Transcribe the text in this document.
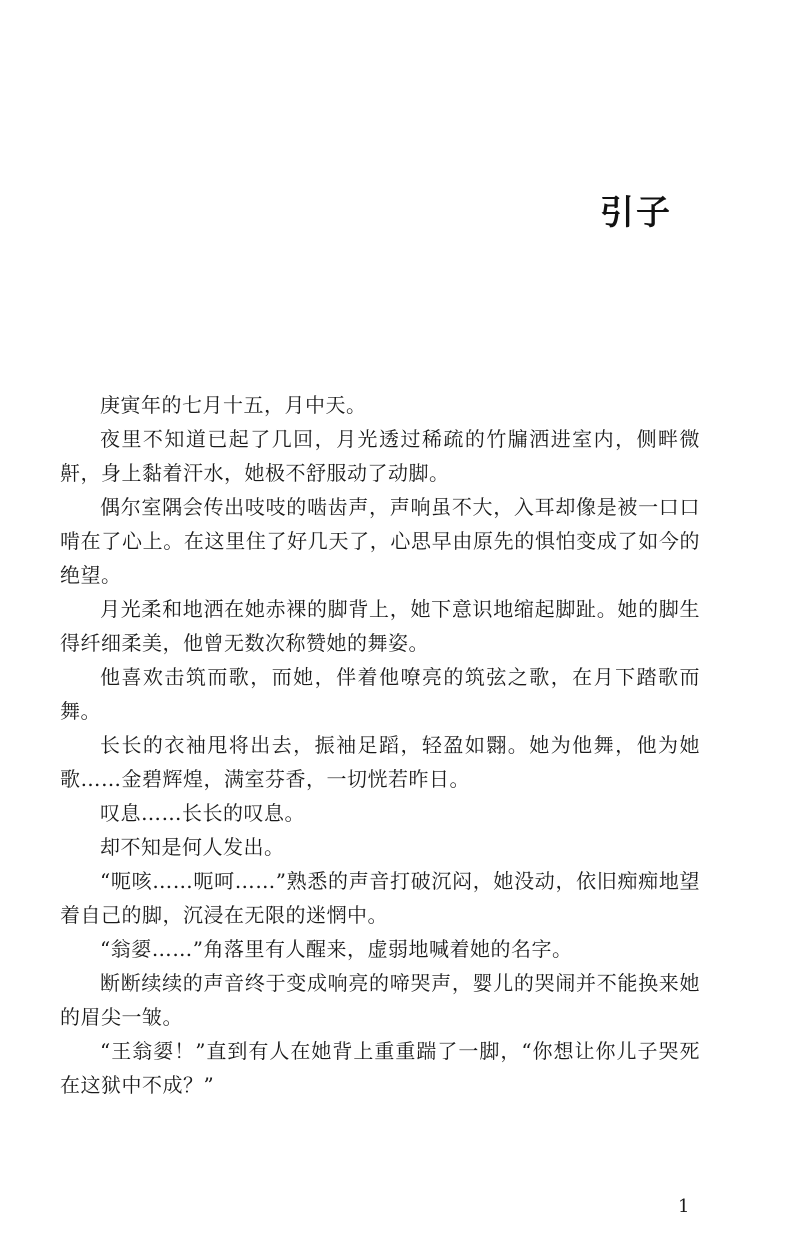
引子

庚寅年的七月十五，月中天。

夜里不知道已起了几回，月光透过稀疏的竹牖洒进室内，侧畔微鼾，身上黏着汗水，她极不舒服动了动脚。

偶尔室隅会传出吱吱的啮齿声，声响虽不大，入耳却像是被一口口啃在了心上。在这里住了好几天了，心思早由原先的惧怕变成了如今的绝望。

月光柔和地洒在她赤裸的脚背上，她下意识地缩起脚趾。她的脚生得纤细柔美，他曾无数次称赞她的舞姿。

他喜欢击筑而歌，而她，伴着他嘹亮的筑弦之歌，在月下踏歌而舞。

长长的衣袖甩将出去，振袖足蹈，轻盈如翾。她为他舞，他为她歌……金碧辉煌，满室芬香，一切恍若昨日。

叹息……长长的叹息。

却不知是何人发出。

“呃咳……呃呵……”熟悉的声音打破沉闷，她没动，依旧痴痴地望着自己的脚，沉浸在无限的迷惘中。

“翁媭……”角落里有人醒来，虚弱地喊着她的名字。

断断续续的声音终于变成响亮的啼哭声，婴儿的哭闹并不能换来她的眉尖一皱。

“王翁媭！”直到有人在她背上重重踹了一脚，“你想让你儿子哭死在这狱中不成？”

1
